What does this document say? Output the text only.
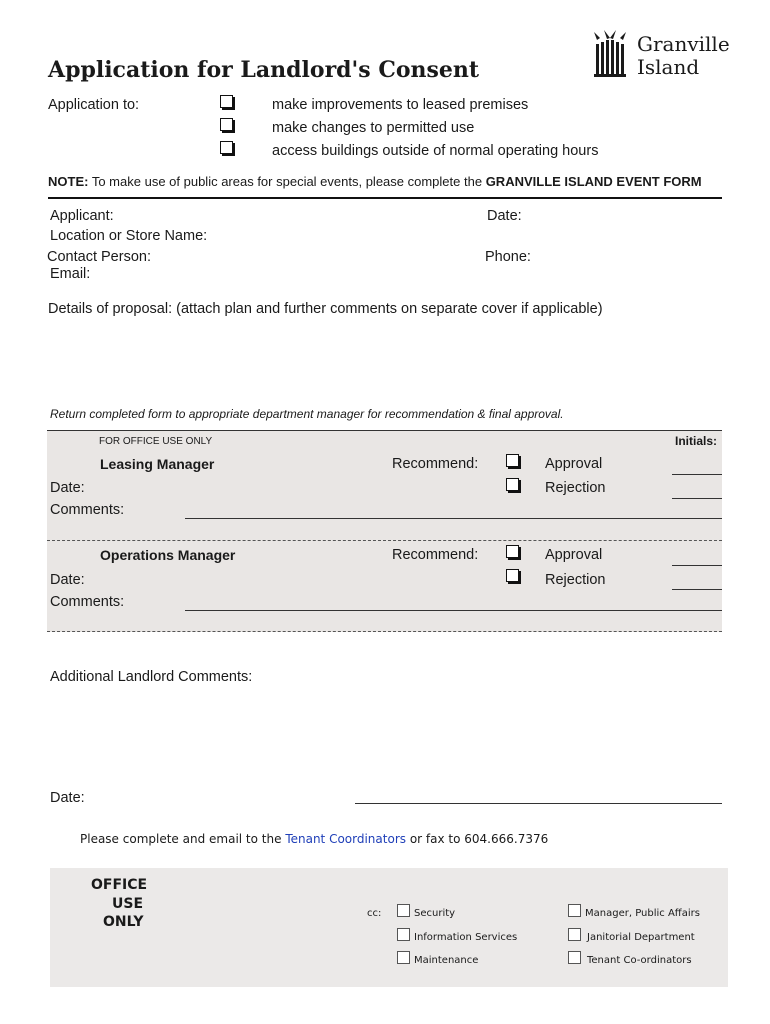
Granville
Island
Application for Landlord's Consent
Application to:	make improvements to leased premises
make changes to permitted use
access buildings outside of normal operating hours
NOTE: To make use of public areas for special events, please complete the GRANVILLE ISLAND EVENT FORM
Applicant:	Date:
Location or Store Name:
Contact Person:	Phone:
Email:
Details of proposal: (attach plan and further comments on separate cover if applicable)
Return completed form to appropriate department manager for recommendation & final approval.
FOR OFFICE USE ONLY	Initials:
Leasing Manager	Recommend:	Approval
Rejection
Date:
Comments:
Operations Manager	Recommend:	Approval
Rejection
Date:
Comments:
Additional Landlord Comments:
Date:
Please complete and email to the Tenant Coordinators or fax to 604.666.7376
OFFICE
USE
ONLY
cc:	Security
Information Services
Maintenance
Manager, Public Affairs
Janitorial Department
Tenant Co-ordinators
